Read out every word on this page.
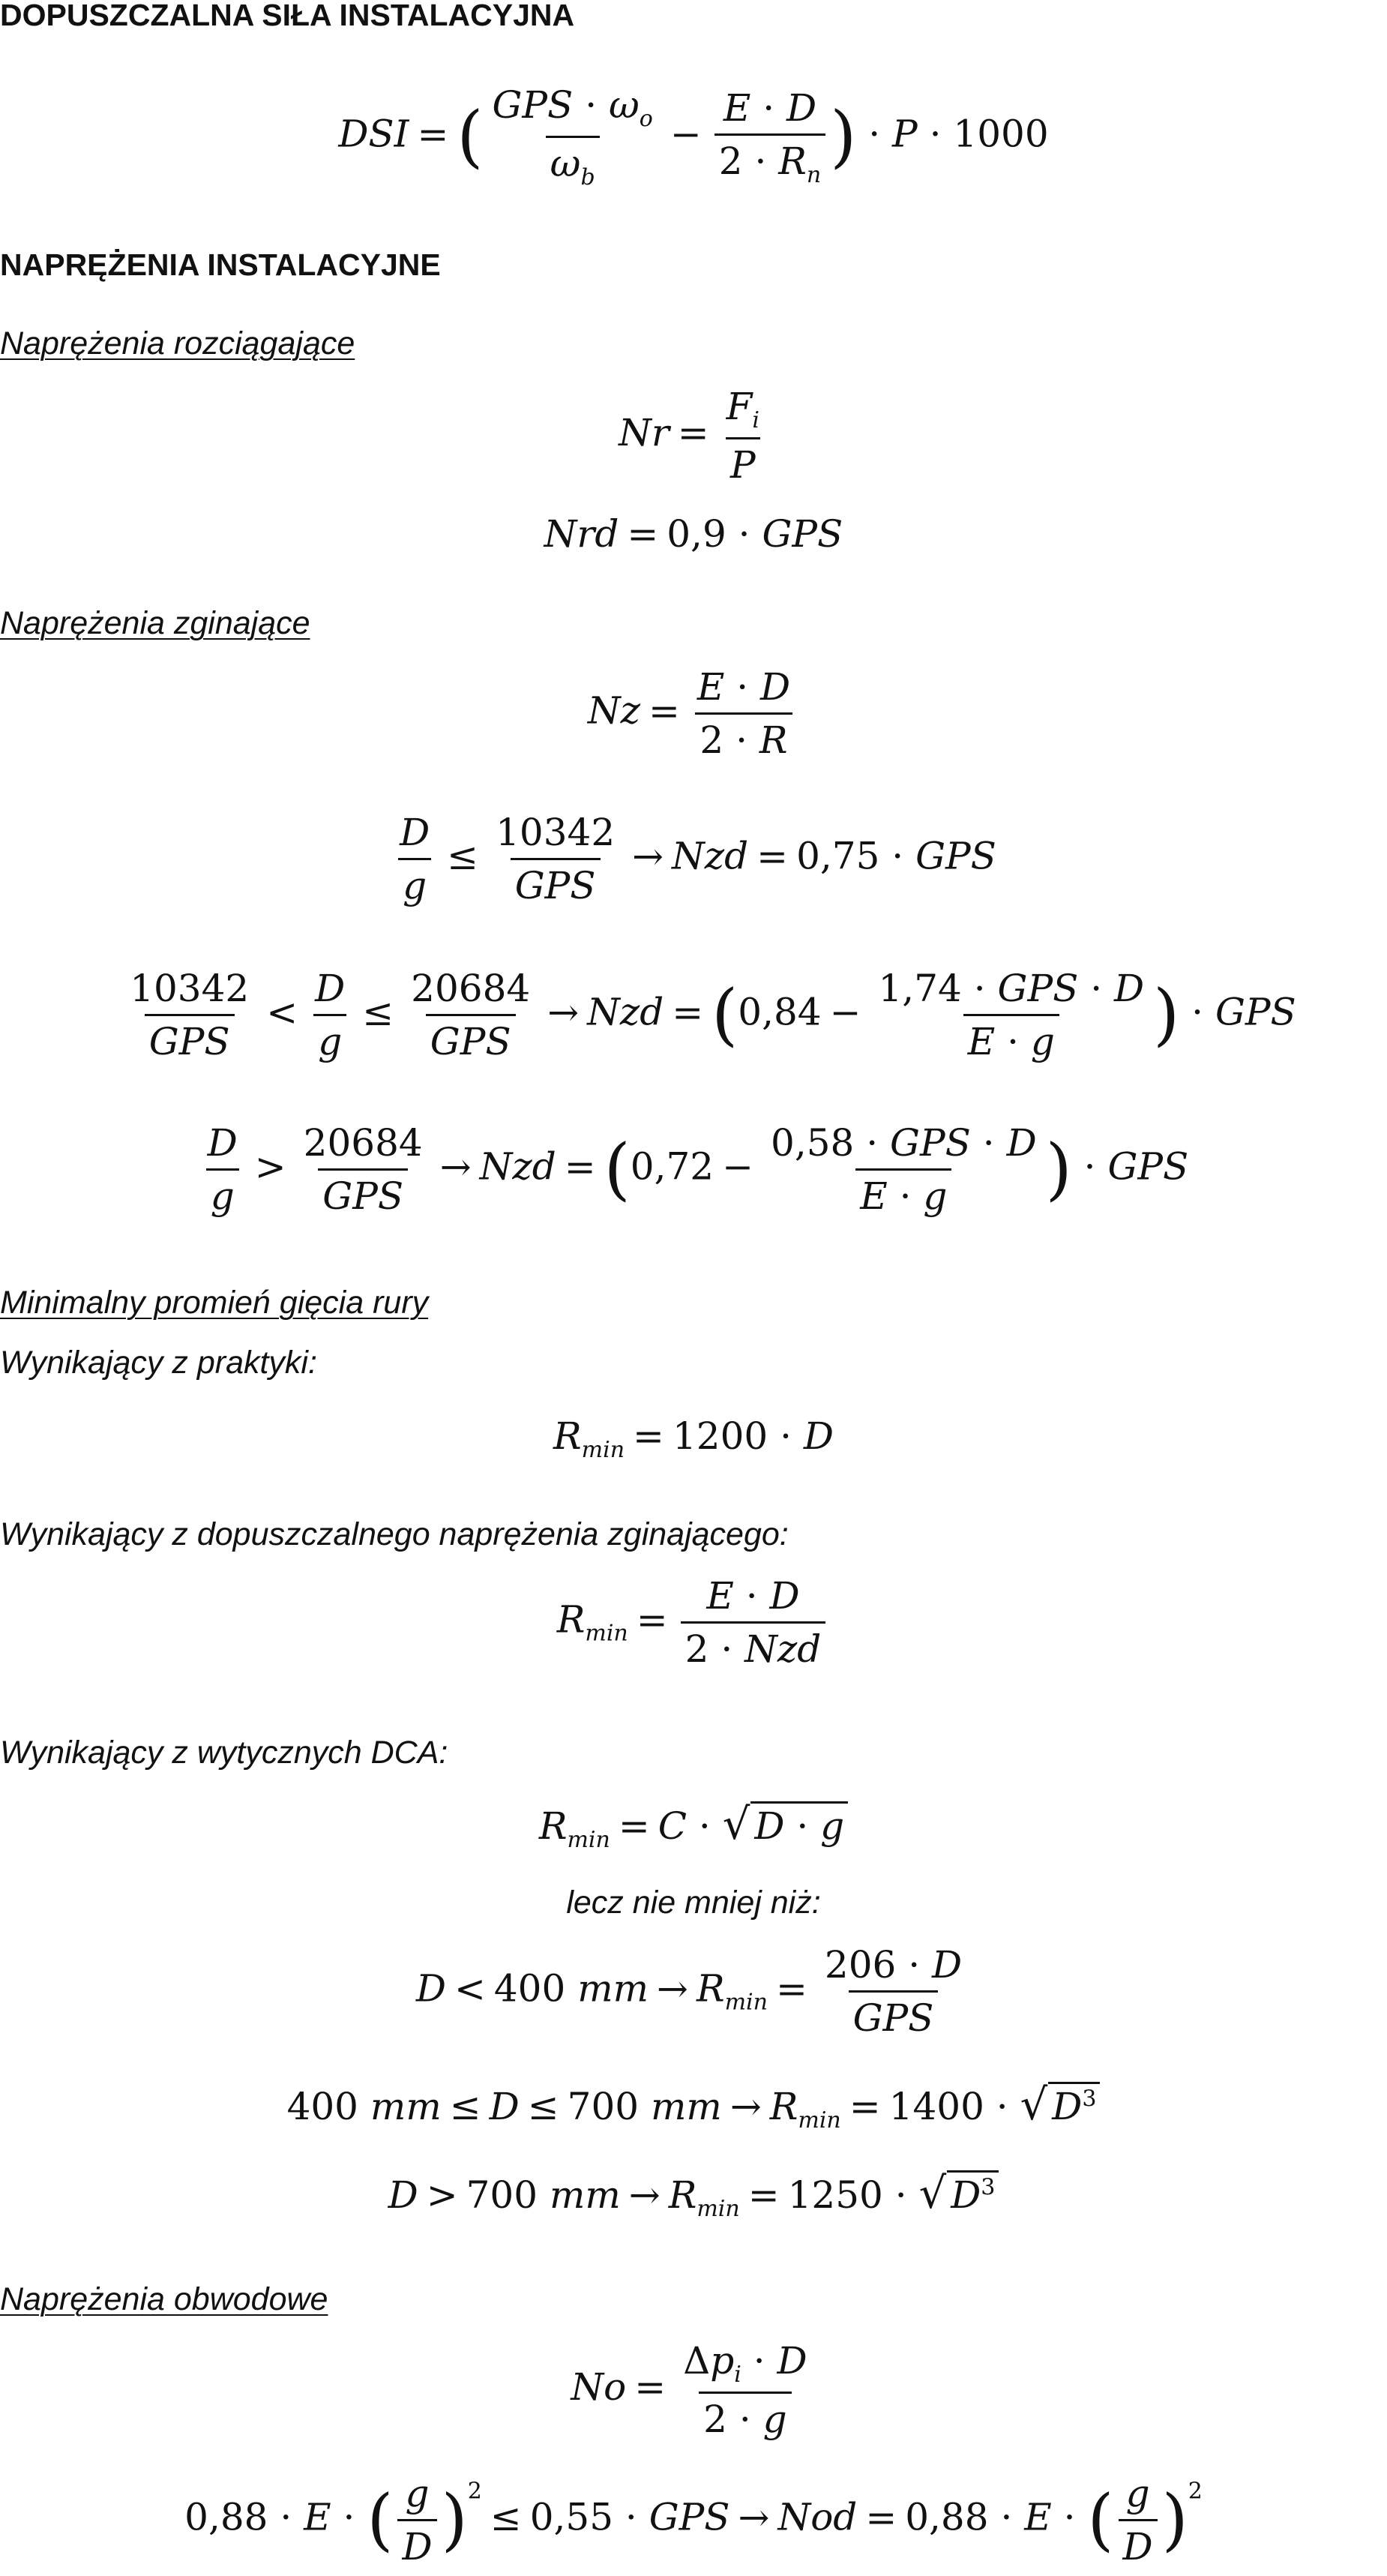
DOPUSZCZALNA SIŁA INSTALACYJNA
DSI = ( $\frac{GPS \cdot \omega_o}{\omega_b} - \frac{E \cdot D}{2 \cdot R_n}$ ) · P · 1000
NAPRĘŻENIA INSTALACYJNE
Naprężenia rozciągające
$Nr = \frac{F_i}{P}$
Nrd = 0,9 · GPS
Naprężenia zginające
$Nz = \frac{E \cdot D}{2 \cdot R}$
$\frac{D}{g} \le \frac{10342}{\text{GPS}}$ → Nzd = 0,75 · GPS
$\frac{10342}{\text{GPS}} < \frac{D}{g} \le \frac{20684}{\text{GPS}}$ → Nzd = ($0,84 - \frac{\text{1,74 · GPS · D}}{E \cdot g}$ ) · GPS
$\frac{D}{g} > \frac{20684}{\text{GPS}}$ → Nzd = ($0,72 - \frac{\text{0,58 · GPS · D}}{E \cdot g}$ ) · GPS
Minimalny promień gięcia rury
Wynikający z praktyki:
$R_{min} = 1200 \cdot D$
Wynikający z dopuszczalnego naprężenia zginającego:
$R_{min} = \frac{E \cdot D}{\text{2 · Nzd}}$
Wynikający z wytycznych DCA:
$R_{min} = C$ · √ D · g
lecz nie mniej niż:
D < 400 mm → $R_{min} = \frac{206 \cdot D}{\text{GPS}}$
400 mm ≤ D ≤ 700 mm → $R_{min} = 1400$ · √ $D^3$
D > 700 mm → $R_{min} = 1250$ · √ $D^3$
Naprężenia obwodowe
$No = \frac{\Delta p_i \cdot D}{2 \cdot g}$
0,88 · E · ( $\frac{g}{D} )^2\le 0,55$ · GPS → Nod = 0,88 · E · ( $\frac{g}{D} )^2$
